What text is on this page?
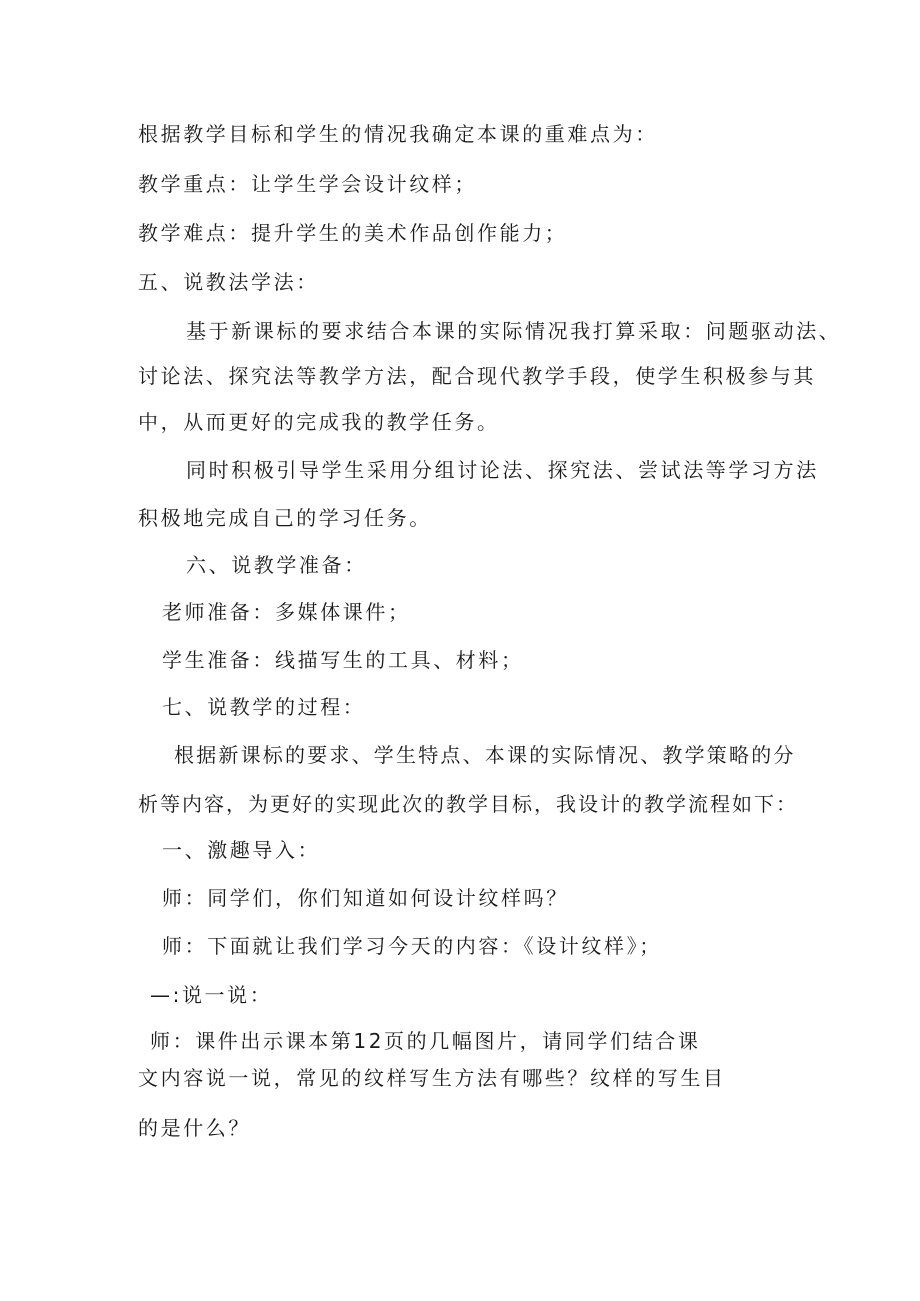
根据教学目标和学生的情况我确定本课的重难点为：
教学重点：让学生学会设计纹样；
教学难点：提升学生的美术作品创作能力；
五、说教法学法：
基于新课标的要求结合本课的实际情况我打算采取：问题驱动法、
讨论法、探究法等教学方法，配合现代教学手段，使学生积极参与其
中，从而更好的完成我的教学任务。
同时积极引导学生采用分组讨论法、探究法、尝试法等学习方法
积极地完成自己的学习任务。
六、说教学准备：
老师准备：多媒体课件；
学生准备：线描写生的工具、材料；
七、说教学的过程：
根据新课标的要求、学生特点、本课的实际情况、教学策略的分
析等内容，为更好的实现此次的教学目标，我设计的教学流程如下：
一、激趣导入：
师：同学们，你们知道如何设计纹样吗？
师：下面就让我们学习今天的内容：《设计纹样》；
—:说一说：
师：课件出示课本第12页的几幅图片，请同学们结合课
文内容说一说，常见的纹样写生方法有哪些？纹样的写生目
的是什么？
